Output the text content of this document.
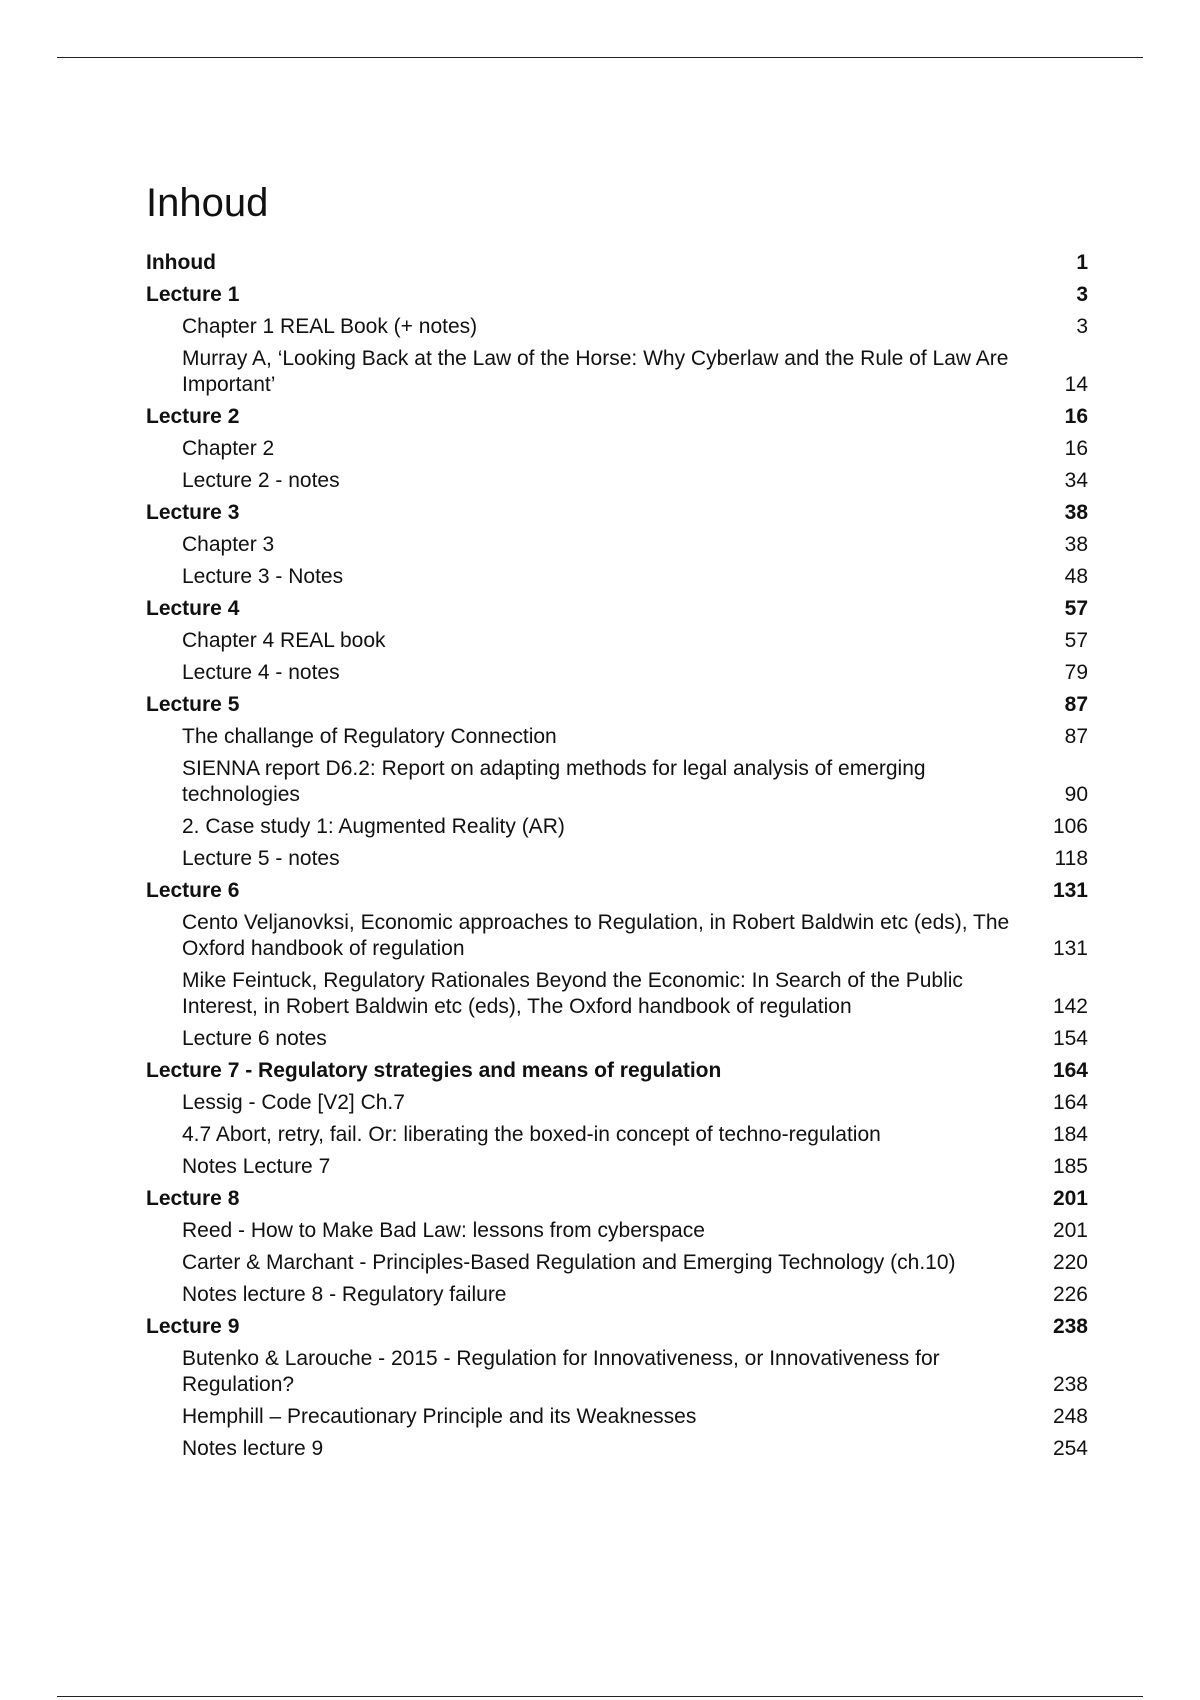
Inhoud
Inhoud	1
Lecture 1	3
Chapter 1 REAL Book (+ notes)	3
Murray A, ‘Looking Back at the Law of the Horse: Why Cyberlaw and the Rule of Law Are Important’	14
Lecture 2	16
Chapter 2	16
Lecture 2 - notes	34
Lecture 3	38
Chapter 3	38
Lecture 3 - Notes	48
Lecture 4	57
Chapter 4 REAL book	57
Lecture 4 - notes	79
Lecture 5	87
The challange of Regulatory Connection	87
SIENNA report D6.2: Report on adapting methods for legal analysis of emerging technologies	90
2. Case study 1: Augmented Reality (AR)	106
Lecture 5 - notes	118
Lecture 6	131
Cento Veljanovksi, Economic approaches to Regulation, in Robert Baldwin etc (eds), The Oxford handbook of regulation	131
Mike Feintuck, Regulatory Rationales Beyond the Economic: In Search of the Public Interest, in Robert Baldwin etc (eds), The Oxford handbook of regulation	142
Lecture 6 notes	154
Lecture 7 - Regulatory strategies and means of regulation	164
Lessig - Code [V2] Ch.7	164
4.7 Abort, retry, fail. Or: liberating the boxed-in concept of techno-regulation	184
Notes Lecture 7	185
Lecture 8	201
Reed - How to Make Bad Law: lessons from cyberspace	201
Carter & Marchant - Principles-Based Regulation and Emerging Technology (ch.10)	220
Notes lecture 8 - Regulatory failure	226
Lecture 9	238
Butenko & Larouche - 2015 - Regulation for Innovativeness, or Innovativeness for Regulation?	238
Hemphill – Precautionary Principle and its Weaknesses	248
Notes lecture 9	254
